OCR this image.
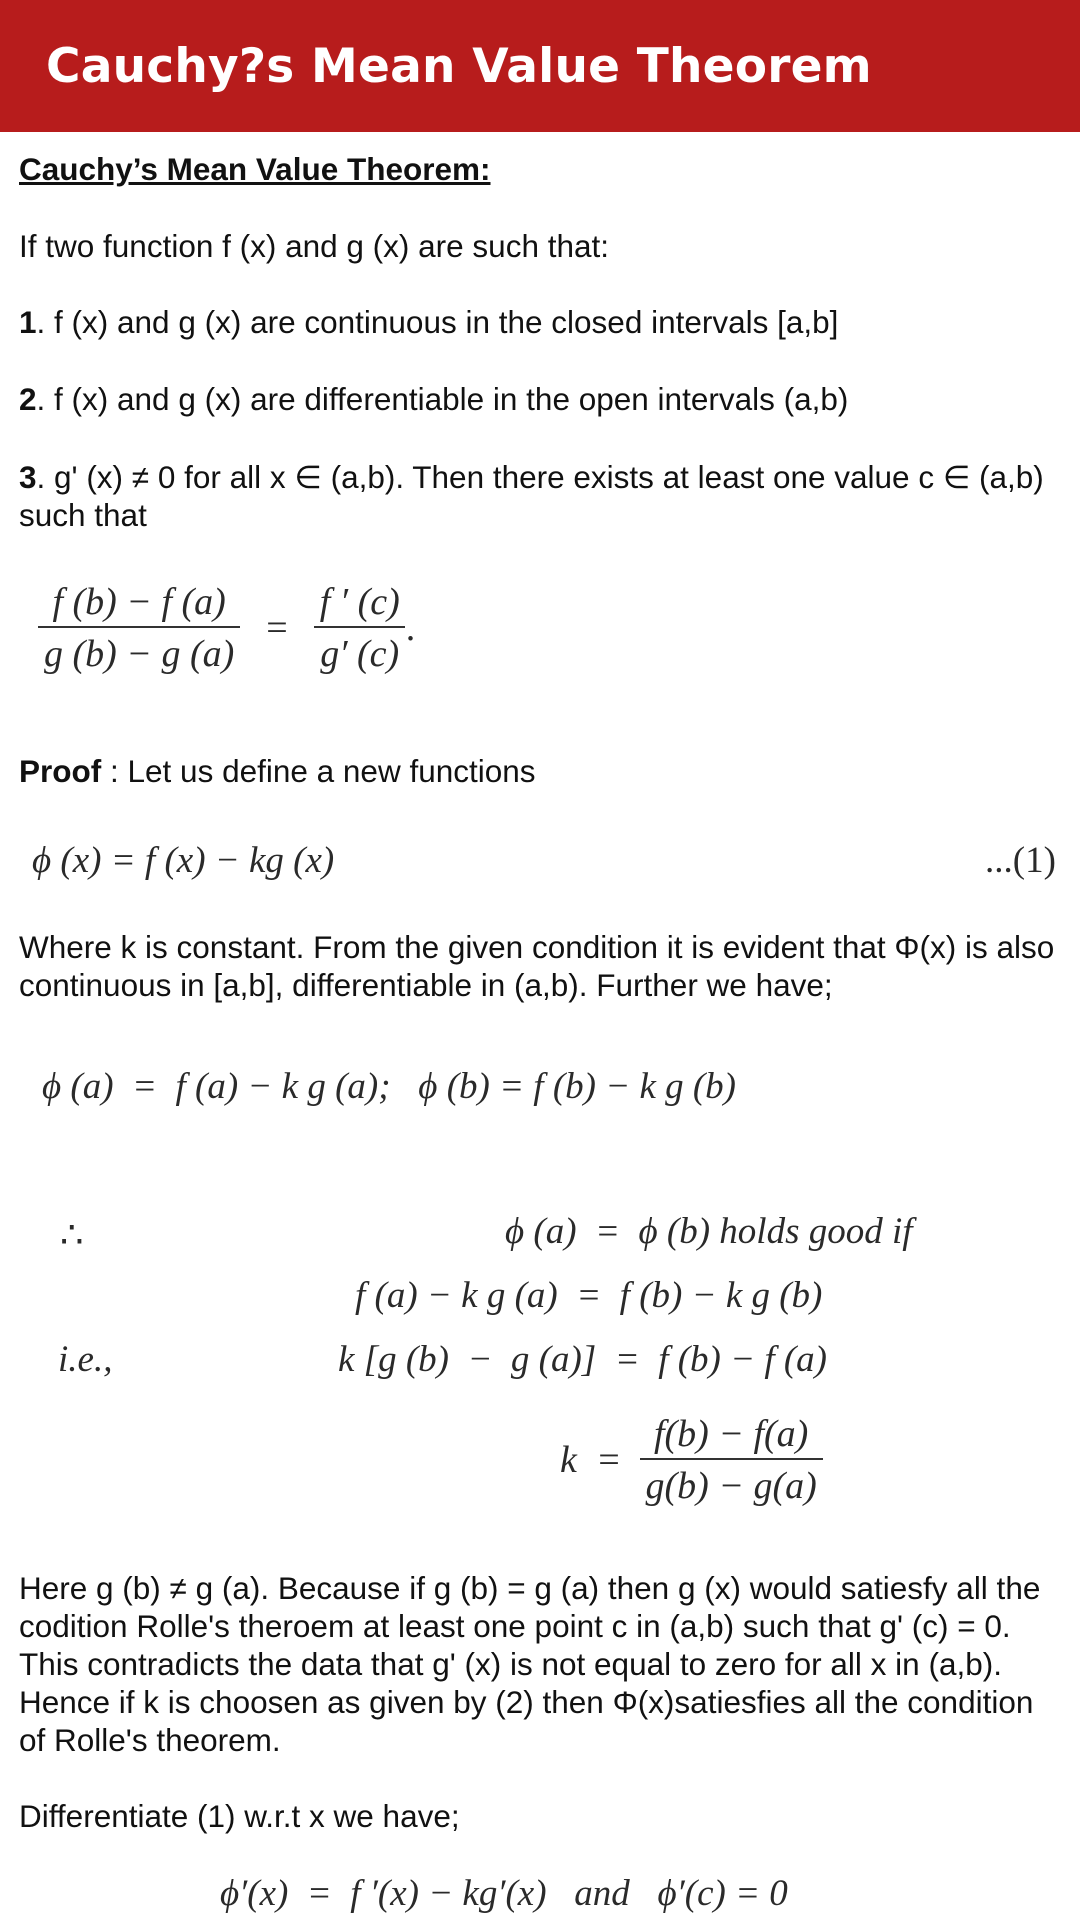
Cauchy?s Mean Value Theorem

Cauchy’s Mean Value Theorem:

If two function f (x) and g (x) are such that:

1. f (x) and g (x) are continuous in the closed intervals [a,b]

2. f (x) and g (x) are differentiable in the open intervals (a,b)

3. g' (x) ≠ 0 for all x ∈ (a,b). Then there exists at least one value c ∈ (a,b) such that

$\frac{f (b) - f (a)}{g (b) - g (a)} = \frac{f ' (c)}{g' (c)}$ .

Proof : Let us define a new functions

ϕ (x) = f (x) − kg (x)	...(1)

Where k is constant. From the given condition it is evident that Φ(x) is also continuous in [a,b], differentiable in (a,b). Further we have;

ϕ (a)  =  f (a) − k g (a);   ϕ (b) = f (b) − k g (b)
∴	ϕ (a)  =  ϕ (b) holds good if
f (a) − k g (a)  =  f (b) − k g (b)
i.e.,	k [g (b)  −  g (a)]  =  f (b) − f (a)
$k = \frac{f(b) - f(a)}{g(b) - g(a)}$

Here g (b) ≠ g (a). Because if g (b) = g (a) then g (x) would satiesfy all the codition Rolle's theroem at least one point c in (a,b) such that g' (c) = 0. This contradicts the data that g' (x) is not equal to zero for all x in (a,b). Hence if k is choosen as given by (2) then Φ(x)satiesfies all the condition of Rolle's theorem.

Differentiate (1) w.r.t x we have;

ϕ′(x)  =  f ′(x) − kg′(x)   and   ϕ′(c) = 0
